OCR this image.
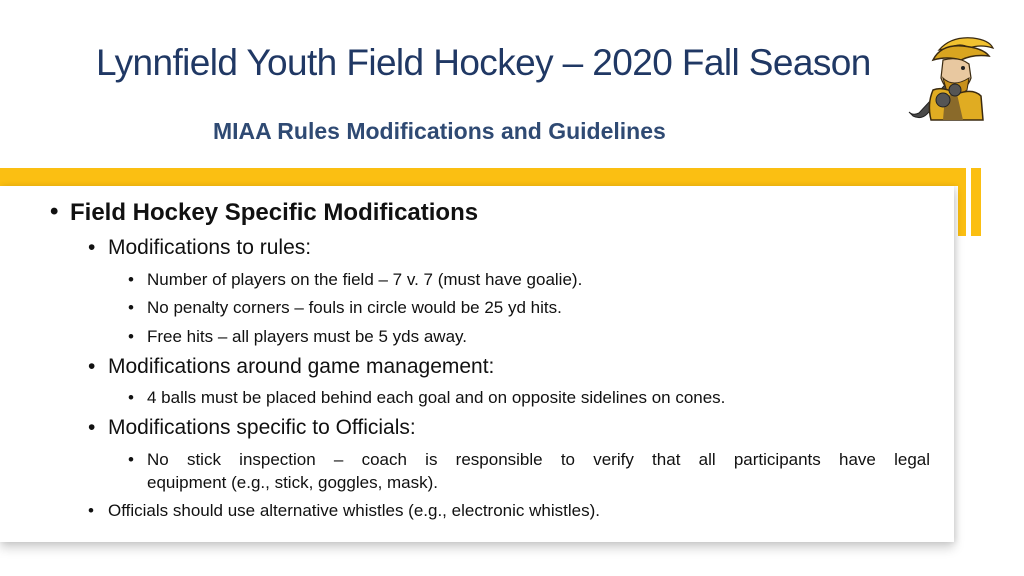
Lynnfield Youth Field Hockey – 2020 Fall Season
MIAA Rules Modifications and Guidelines
• Field Hockey Specific Modifications
• Modifications to rules:
• Number of players on the field – 7 v. 7 (must have goalie).
• No penalty corners – fouls in circle would be 25 yd hits.
• Free hits – all players must be 5 yds away.
• Modifications around game management:
• 4 balls must be placed behind each goal and on opposite sidelines on cones.
• Modifications specific to Officials:
• No stick inspection – coach is responsible to verify that all participants have legal
equipment (e.g., stick, goggles, mask).
• Officials should use alternative whistles (e.g., electronic whistles).
